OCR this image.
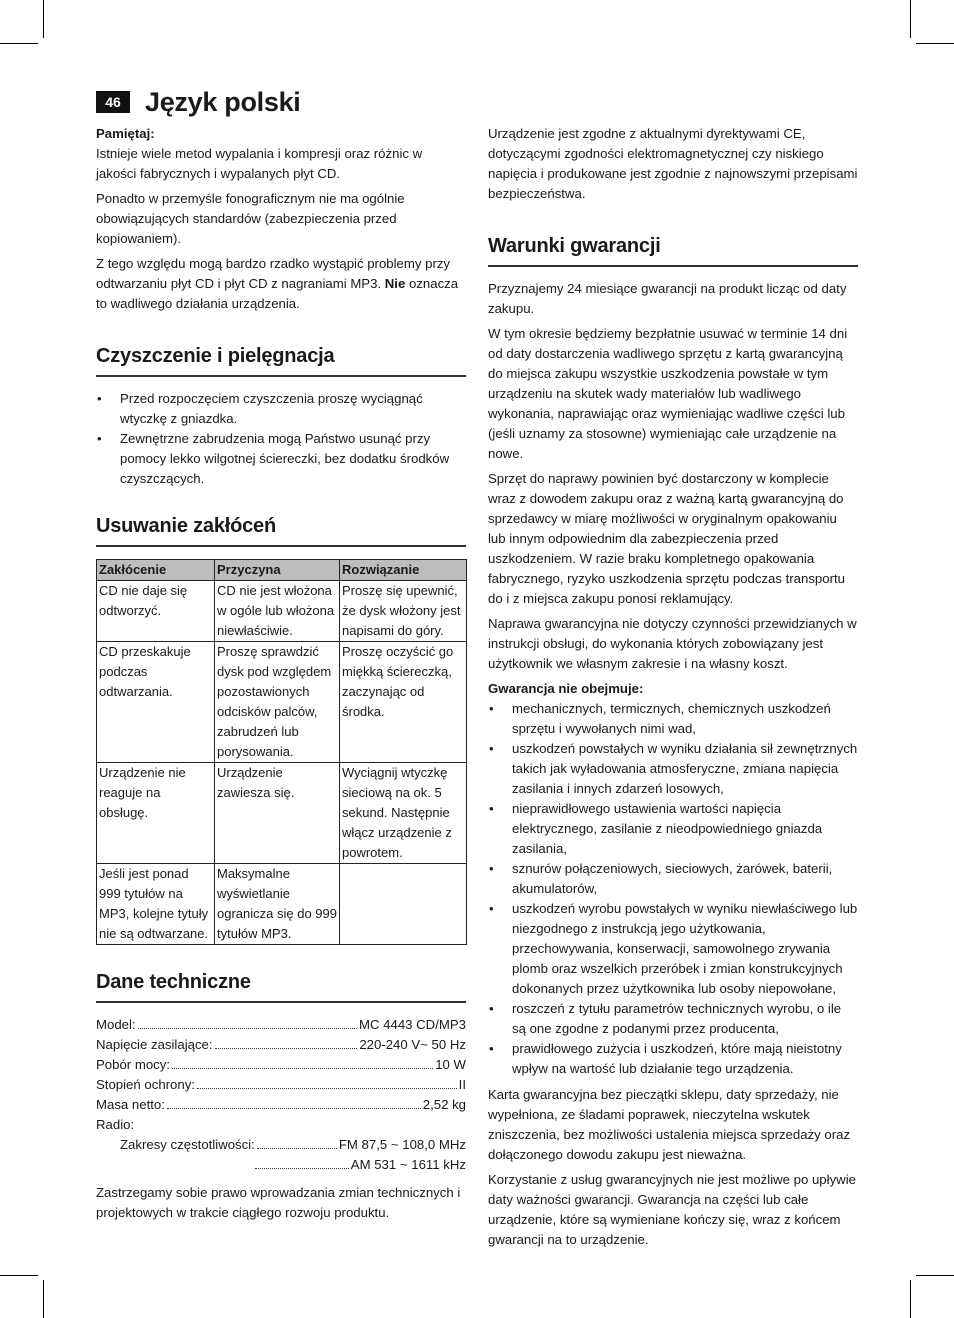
46 Język polski

Pamiętaj:

Istnieje wiele metod wypalania i kompresji oraz różnic w jakości fabrycznych i wypalanych płyt CD.

Ponadto w przemyśle fonograficznym nie ma ogólnie obowiązujących standardów (zabezpieczenia przed kopiowaniem).

Z tego względu mogą bardzo rzadko wystąpić problemy przy odtwarzaniu płyt CD i płyt CD z nagraniami MP3. Nie oznacza to wadliwego działania urządzenia.

Czyszczenie i pielęgnacja
• Przed rozpoczęciem czyszczenia proszę wyciągnąć wtyczkę z gniazdka.
• Zewnętrzne zabrudzenia mogą Państwo usunąć przy pomocy lekko wilgotnej ściereczki, bez dodatku środków czyszczących.
Usuwanie zakłóceń
Zakłócenie	Przyczyna	Rozwiązanie
CD nie daje się odtworzyć.	CD nie jest włożona w ogóle lub włożona niewłaściwie.	Proszę się upewnić, że dysk włożony jest napisami do góry.
CD przeskakuje podczas odtwarzania.	Proszę sprawdzić dysk pod względem pozostawionych odcisków palców, zabrudzeń lub porysowania.	Proszę oczyścić go miękką ściereczką, zaczynając od środka.
Urządzenie nie reaguje na obsługę.	Urządzenie zawiesza się.	Wyciągnij wtyczkę sieciową na ok. 5 sekund. Następnie włącz urządzenie z powrotem.
Jeśli jest ponad 999 tytułów na MP3, kolejne tytuły nie są odtwarzane.	Maksymalne wyświetlanie ogranicza się do 999 tytułów MP3.	
Dane techniczne
Model:	MC 4443 CD/MP3
Napięcie zasilające:	220-240 V~ 50 Hz
Pobór mocy:	10 W
Stopień ochrony:	II
Masa netto:	2,52 kg
Radio:
Zakresy częstotliwości:	FM 87,5 ~ 108,0 MHz
AM 531 ~ 1611 kHz

Zastrzegamy sobie prawo wprowadzania zmian technicznych i projektowych w trakcie ciągłego rozwoju produktu.

Urządzenie jest zgodne z aktualnymi dyrektywami CE, dotyczącymi zgodności elektromagnetycznej czy niskiego napięcia i produkowane jest zgodnie z najnowszymi przepisami bezpieczeństwa.

Warunki gwarancji

Przyznajemy 24 miesiące gwarancji na produkt licząc od daty zakupu.

W tym okresie będziemy bezpłatnie usuwać w terminie 14 dni od daty dostarczenia wadliwego sprzętu z kartą gwarancyjną do miejsca zakupu wszystkie uszkodzenia powstałe w tym urządzeniu na skutek wady materiałów lub wadliwego wykonania, naprawiając oraz wymieniając wadliwe części lub (jeśli uznamy za stosowne) wymieniając całe urządzenie na nowe.

Sprzęt do naprawy powinien być dostarczony w komplecie wraz z dowodem zakupu oraz z ważną kartą gwarancyjną do sprzedawcy w miarę możliwości w oryginalnym opakowaniu lub innym odpowiednim dla zabezpieczenia przed uszkodzeniem. W razie braku kompletnego opakowania fabrycznego, ryzyko uszkodzenia sprzętu podczas transportu do i z miejsca zakupu ponosi reklamujący.

Naprawa gwarancyjna nie dotyczy czynności przewidzianych w instrukcji obsługi, do wykonania których zobowiązany jest użytkownik we własnym zakresie i na własny koszt.

Gwarancja nie obejmuje:

• mechanicznych, termicznych, chemicznych uszkodzeń sprzętu i wywołanych nimi wad,
• uszkodzeń powstałych w wyniku działania sił zewnętrznych takich jak wyładowania atmosferyczne, zmiana napięcia zasilania i innych zdarzeń losowych,
• nieprawidłowego ustawienia wartości napięcia elektrycznego, zasilanie z nieodpowiedniego gniazda zasilania,
• sznurów połączeniowych, sieciowych, żarówek, baterii, akumulatorów,
• uszkodzeń wyrobu powstałych w wyniku niewłaściwego lub niezgodnego z instrukcją jego użytkowania, przechowywania, konserwacji, samowolnego zrywania plomb oraz wszelkich przeróbek i zmian konstrukcyjnych dokonanych przez użytkownika lub osoby niepowołane,
• roszczeń z tytułu parametrów technicznych wyrobu, o ile są one zgodne z podanymi przez producenta,
• prawidłowego zużycia i uszkodzeń, które mają nieistotny wpływ na wartość lub działanie tego urządzenia.

Karta gwarancyjna bez pieczątki sklepu, daty sprzedaży, nie wypełniona, ze śladami poprawek, nieczytelna wskutek zniszczenia, bez możliwości ustalenia miejsca sprzedaży oraz dołączonego dowodu zakupu jest nieważna.

Korzystanie z usług gwarancyjnych nie jest możliwe po upływie daty ważności gwarancji. Gwarancja na części lub całe urządzenie, które są wymieniane kończy się, wraz z końcem gwarancji na to urządzenie.
